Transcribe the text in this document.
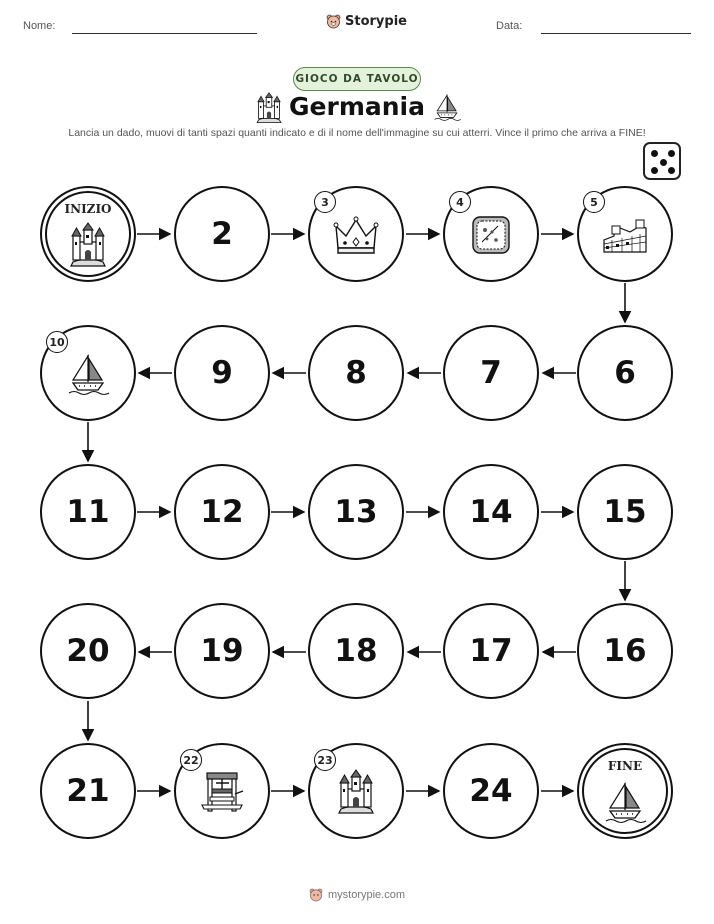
Nome:	Storypie	Data:
GIOCO DA TAVOLO
Germania
Lancia un dado, muovi di tanti spazi quanti indicato e di il nome dell'immagine su cui atterri. Vince il primo che arriva a FINE!
INIZIO
2
3	4	5
10
9	8	7	6
11	12	13	14	15
20	19	18	17	16
21
22	23
24
FINE
mystorypie.com
